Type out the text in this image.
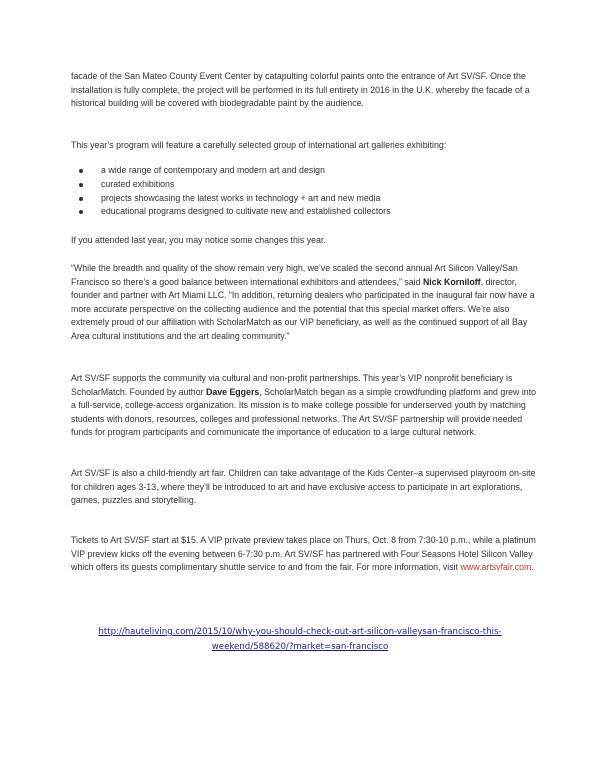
facade of the San Mateo County Event Center by catapulting colorful paints onto the entrance of Art SV/SF. Once the installation is fully complete, the project will be performed in its full entirety in 2016 in the U.K. whereby the facade of a historical building will be covered with biodegradable paint by the audience.

This year’s program will feature a carefully selected group of international art galleries exhibiting:

a wide range of contemporary and modern art and design
curated exhibitions
projects showcasing the latest works in technology + art and new media
educational programs designed to cultivate new and established collectors

If you attended last year, you may notice some changes this year.

“While the breadth and quality of the show remain very high, we’ve scaled the second annual Art Silicon Valley/San Francisco so there’s a good balance between international exhibitors and attendees,” said Nick Korniloff, director, founder and partner with Art Miami LLC. “In addition, returning dealers who participated in the inaugural fair now have a more accurate perspective on the collecting audience and the potential that this special market offers. We’re also extremely proud of our affiliation with ScholarMatch as our VIP beneficiary, as well as the continued support of all Bay Area cultural institutions and the art dealing community.”

Art SV/SF supports the community via cultural and non-profit partnerships. This year’s VIP nonprofit beneficiary is ScholarMatch. Founded by author Dave Eggers, ScholarMatch began as a simple crowdfunding platform and grew into a full-service, college-access organization. Its mission is to make college possible for underserved youth by matching students with donors, resources, colleges and professional networks. The Art SV/SF partnership will provide needed funds for program participants and communicate the importance of education to a large cultural network.

Art SV/SF is also a child-friendly art fair. Children can take advantage of the Kids Center–a supervised playroom on-site for children ages 3-13, where they’ll be introduced to art and have exclusive access to participate in art explorations, games, puzzles and storytelling.

Tickets to Art SV/SF start at $15. A VIP private preview takes place on Thurs, Oct. 8 from 7:30-10 p.m., while a platinum VIP preview kicks off the evening between 6-7:30 p.m. Art SV/SF has partnered with Four Seasons Hotel Silicon Valley which offers its guests complimentary shuttle service to and from the fair. For more information, visit www.artsvfair.com.

http://hauteliving.com/2015/10/why-you-should-check-out-art-silicon-valleysan-francisco-this-
weekend/588620/?market=san-francisco
